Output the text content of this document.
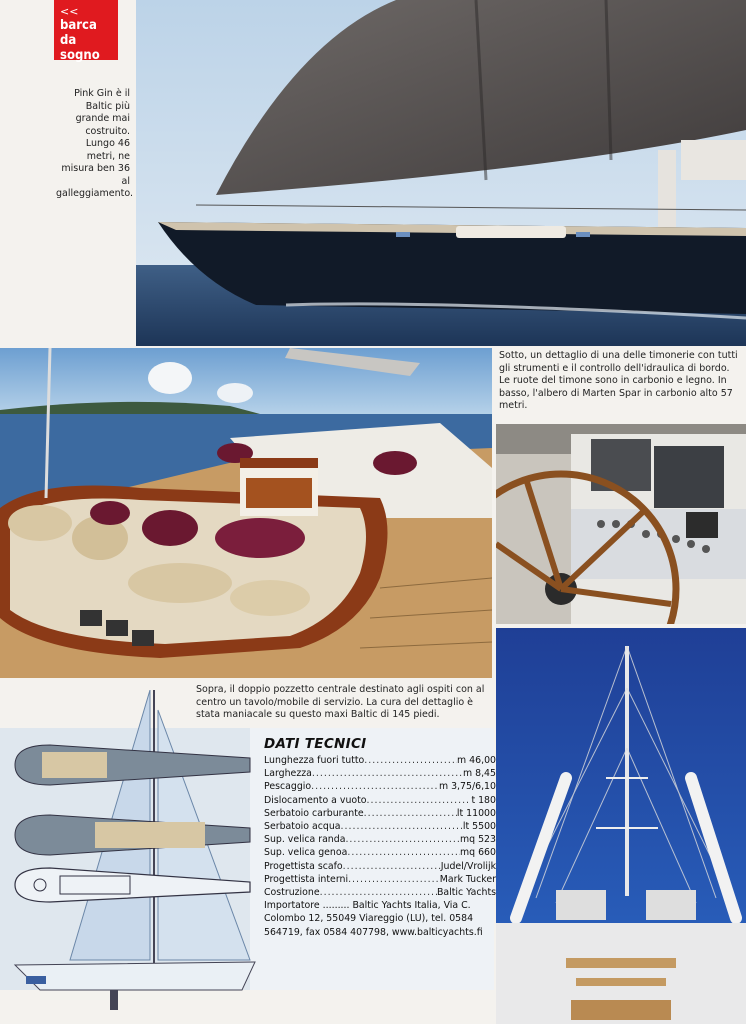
<<
barca da sogno
Pink Gin è il Baltic più grande mai costruito. Lungo 46 metri, ne misura ben 36 al galleggiamento.
Sotto, un dettaglio di una delle timonerie con tutti gli strumenti e il controllo dell'idraulica di bordo. Le ruote del timone sono in carbonio e legno. In basso, l'albero di Marten Spar in carbonio alto 57 metri.
Sopra, il doppio pozzetto centrale destinato agli ospiti con al centro un tavolo/mobile di servizio. La cura del dettaglio è stata maniacale su questo maxi Baltic di 145 piedi.
DATI TECNICI
Lunghezza fuori tutto .....	m 46,00
Larghezza .....	m 8,45
Pescaggio .....	m 3,75/6,10
Dislocamento a vuoto .....	t 180
Serbatoio carburante .....	lt 11000
Serbatoio acqua .....	lt 5500
Sup. velica randa .....	mq 523
Sup. velica genoa .....	mq 660
Progettista scafo .....	Judel/Vrolijk
Progettista interni .....	Mark Tucker
Costruzione .....	Baltic Yachts
Importatore ......... Baltic Yachts Italia, Via C. Colombo 12, 55049 Viareggio (LU), tel. 0584 564719, fax 0584 407798, www.balticyachts.fi
